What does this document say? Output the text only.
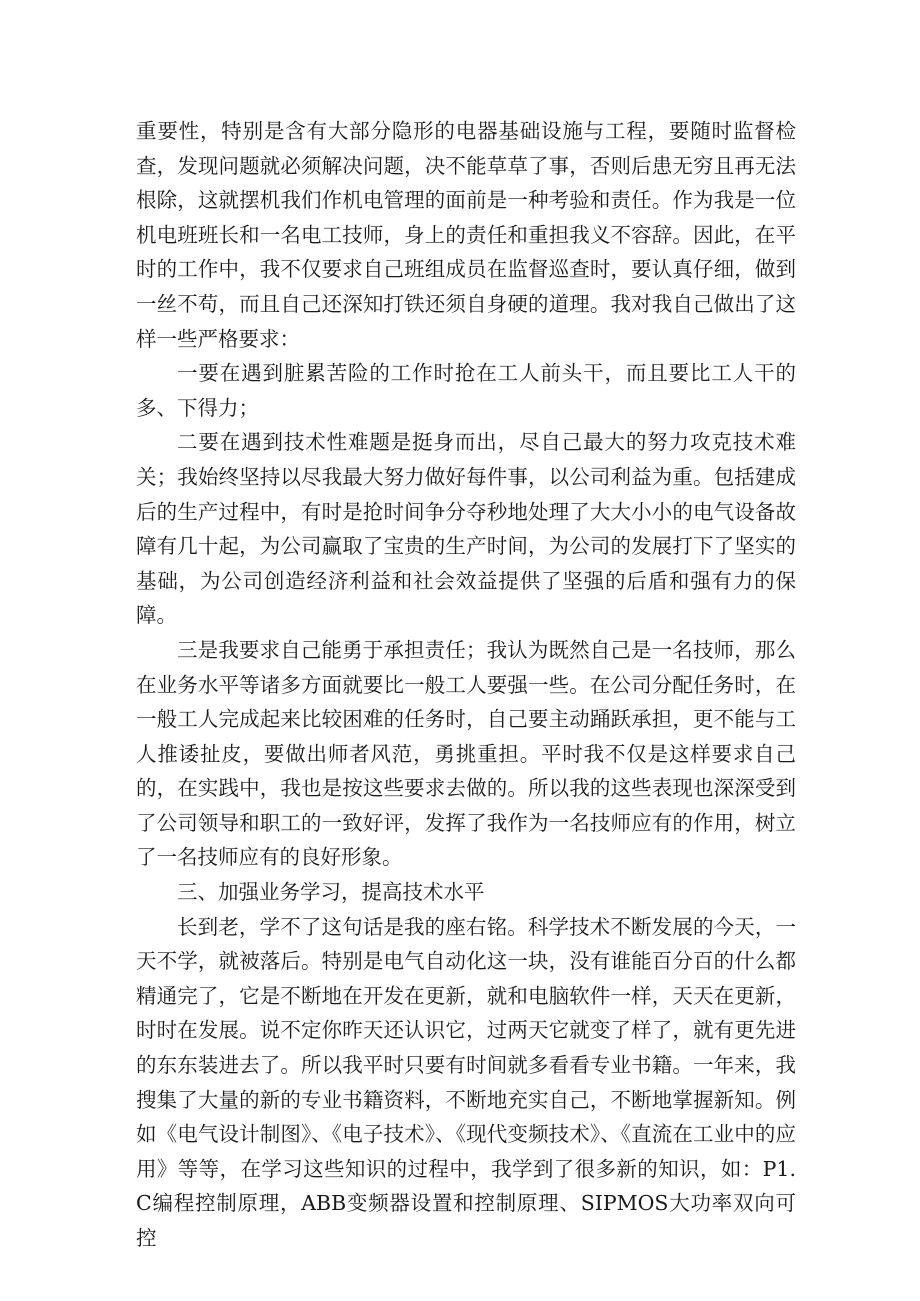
重要性，特别是含有大部分隐形的电器基础设施与工程，要随时监督检查，发现问题就必须解决问题，决不能草草了事，否则后患无穷且再无法根除，这就摆机我们作机电管理的面前是一种考验和责任。作为我是一位机电班班长和一名电工技师，身上的责任和重担我义不容辞。因此，在平时的工作中，我不仅要求自己班组成员在监督巡查时，要认真仔细，做到一丝不苟，而且自己还深知打铁还须自身硬的道理。我对我自己做出了这样一些严格要求：

一要在遇到脏累苦险的工作时抢在工人前头干，而且要比工人干的多、下得力；

二要在遇到技术性难题是挺身而出，尽自己最大的努力攻克技术难关；我始终坚持以尽我最大努力做好每件事，以公司利益为重。包括建成后的生产过程中，有时是抢时间争分夺秒地处理了大大小小的电气设备故障有几十起，为公司赢取了宝贵的生产时间，为公司的发展打下了坚实的基础，为公司创造经济利益和社会效益提供了坚强的后盾和强有力的保障。

三是我要求自己能勇于承担责任；我认为既然自己是一名技师，那么在业务水平等诸多方面就要比一般工人要强一些。在公司分配任务时，在一般工人完成起来比较困难的任务时，自己要主动踊跃承担，更不能与工人推诿扯皮，要做出师者风范，勇挑重担。平时我不仅是这样要求自己的，在实践中，我也是按这些要求去做的。所以我的这些表现也深深受到了公司领导和职工的一致好评，发挥了我作为一名技师应有的作用，树立了一名技师应有的良好形象。

三、加强业务学习，提高技术水平

长到老，学不了这句话是我的座右铭。科学技术不断发展的今天，一天不学，就被落后。特别是电气自动化这一块，没有谁能百分百的什么都精通完了，它是不断地在开发在更新，就和电脑软件一样，天天在更新，时时在发展。说不定你昨天还认识它，过两天它就变了样了，就有更先进的东东装进去了。所以我平时只要有时间就多看看专业书籍。一年来，我搜集了大量的新的专业书籍资料，不断地充实自己，不断地掌握新知。例如《电气设计制图》、《电子技术》、《现代变频技术》、《直流在工业中的应用》等等，在学习这些知识的过程中，我学到了很多新的知识，如：P1.C编程控制原理，ABB变频器设置和控制原理、SIPMOS大功率双向可控
